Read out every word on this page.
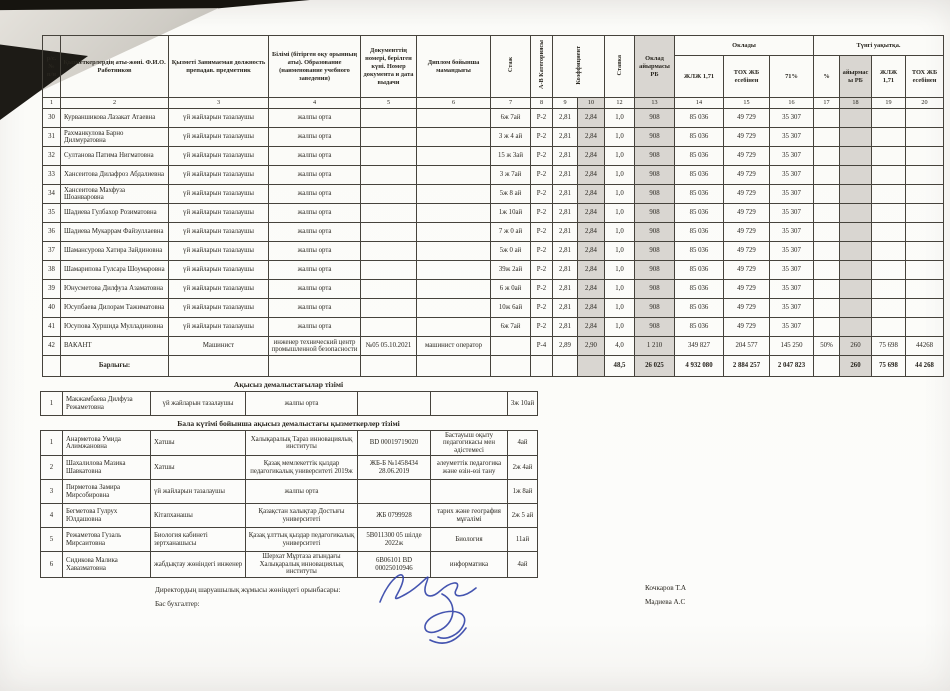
р/с.№ п/н	Қызметкерлердің аты-жөні. Ф.И.О. Работников	Қызметі Занимаемая должность препадав. предметник	Білімі (бітірген оқу орынның аты). Образование (наименование учебного заведения)	Документтің номері, берілген күні. Номер документа и дата выдачи	Диплом бойынша мамандығы	Стаж	А-В Категориясы	Коэффициент		Ставка	Оклад айырмасы РБ	Оклады			Түнгі уақытқа.			
												ЖЛЖ 1,71	ТОХ ЖБ есебінен	71%	%	айырмасы РБ	ЖЛЖ 1,71	ТОХ ЖБ есебінен
1	2	3	4	5	6	7	8	9	10	12	13	14	15	16	17	18	19	20
30	Курваншикова Лазакат Атаевна	үй жайларын тазалаушы	жалпы орта			6ж 7ай	Р-2	2,81	2,84	1,0	908	85 036	49 729	35 307				
31	Рахманкулова Барно Дилмуратовна	үй жайларын тазалаушы	жалпы орта			3 ж 4 ай	Р-2	2,81	2,84	1,0	908	85 036	49 729	35 307				
32	Султанова Патима Нигматовна	үй жайларын тазалаушы	жалпы орта			15 ж 3ай	Р-2	2,81	2,84	1,0	908	85 036	49 729	35 307				
33	Хансеитова Дилафроз Абдалиевна	үй жайларын тазалаушы	жалпы орта			3 ж 7ай	Р-2	2,81	2,84	1,0	908	85 036	49 729	35 307				
34	Хансеитова Махфуза Шоанваровна	үй жайларын тазалаушы	жалпы орта			5ж 8 ай	Р-2	2,81	2,84	1,0	908	85 036	49 729	35 307				
35	Шадиева Гулбахор Розиматовна	үй жайларын тазалаушы	жалпы орта			1ж 10ай	Р-2	2,81	2,84	1,0	908	85 036	49 729	35 307				
36	Шадиева Мукаррам Файзуллаевна	үй жайларын тазалаушы	жалпы орта			7 ж 0 ай	Р-2	2,81	2,84	1,0	908	85 036	49 729	35 307				
37	Шамансурова Хатира Зайдиновна	үй жайларын тазалаушы	жалпы орта			5ж 0 ай	Р-2	2,81	2,84	1,0	908	85 036	49 729	35 307				
38	Шамарипова Гулсара Шоумаровна	үй жайларын тазалаушы	жалпы орта			39ж 2ай	Р-2	2,81	2,84	1,0	908	85 036	49 729	35 307				
39	Юнусметова Дилфуза Азаматовна	үй жайларын тазалаушы	жалпы орта			6 ж 0ай	Р-2	2,81	2,84	1,0	908	85 036	49 729	35 307				
40	Юсупбаева Дилорам Тажиматовна	үй жайларын тазалаушы	жалпы орта			10ж 6ай	Р-2	2,81	2,84	1,0	908	85 036	49 729	35 307				
41	Юсупова Хуршида Мулладиновна	үй жайларын тазалаушы	жалпы орта			6ж 7ай	Р-2	2,81	2,84	1,0	908	85 036	49 729	35 307				
42	ВАКАНТ	Машинист	инженер технический центр промышленной безопасности	№05 05.10.2021	машинист оператор		Р-4	2,89	2,90	4,0	1 210	349 827	204 577	145 250	50%	260	75 698	44268
	Барлығы:									48,5	26 025	4 932 080	2 884 257	2 047 823		260	75 698	44 268
Ақысыз демалыстағылар тізімі
1	Макжамбаева Дилфуза Режаметовна	үй жайларын тазалаушы	жалпы орта			3ж 10ай
Бала күтімі бойынша ақысыз демалыстағы қызметкерлер тізімі
1	Анарметова Умида Алимжановна	Хатшы	Халықаралық Тараз инновациялық институты	BD 00019719020	Бастауыш оқыту педагогикасы мен әдістемесі	4ай
2	Шахалилова Мазика Шавкатовна	Хатшы	Қазақ мемлекеттік қыздар педагогикалық университеті 2019ж	ЖБ-Б №1458434 28.06.2019	әлеуметтік педагогика және өзін-өзі тану	2ж 4ай
3	Пирметова Замира Мирсобировна	үй жайларын тазалаушы	жалпы орта			1ж 8ай
4	Бегметова Гулрух Юлдашовна	Кітапханашы	Қазақстан халықтар Достығы университеті	ЖБ 0799928	тарих және география мұғалімі	2ж 5 ай
5	Режаметова Гузаль Мирсаитовна	Биология кабинеті зертханашысы	Қазақ ұлттық қыздар педагогикалық университеті	5В011300 05 шілде 2022ж	Биология	11ай
6	Сидикова Малика Хавазматовна	жабдықтау жөніндегі инженер	Шерхат Мұртаза атындағы Халықаралық инновациялық институты	6В06101 BD 00025010946	информатика	4ай
Директордың шаруашылық жұмысы жөніндегі орынбасары:
Бас бухгалтер:
Кочкаров Т.А
Мадиева А.С
